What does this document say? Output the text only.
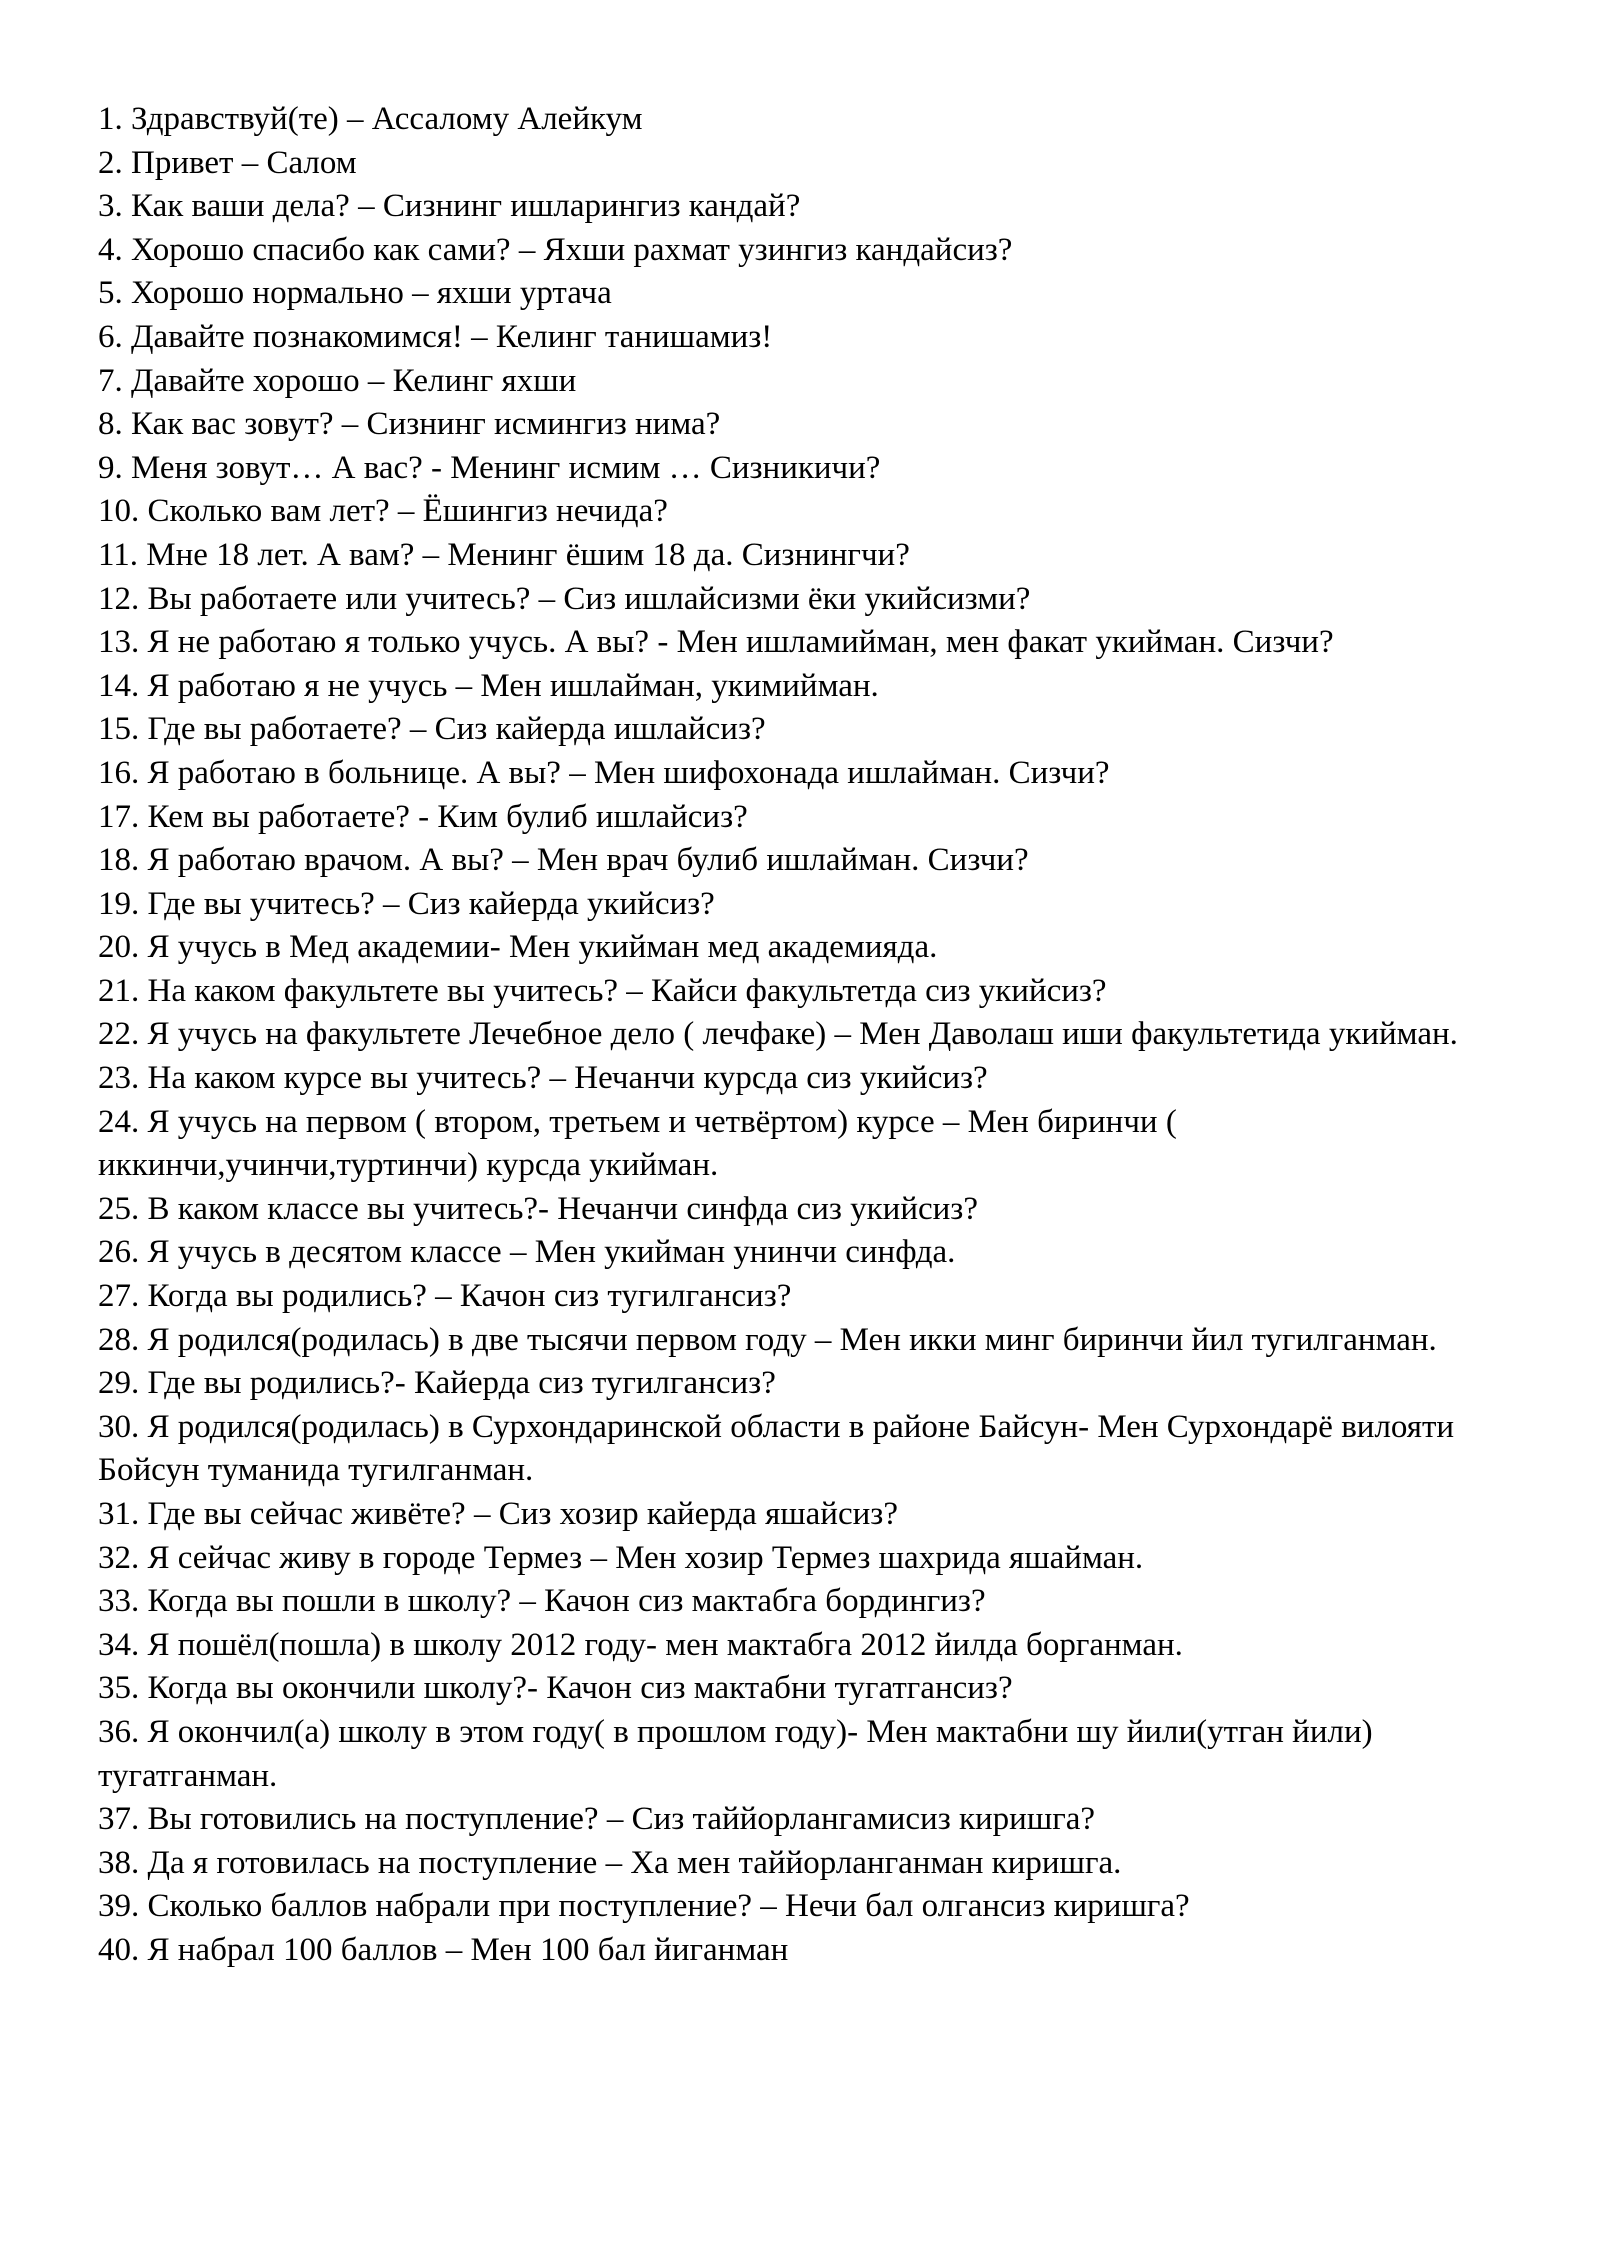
1. Здравствуй(те) – Ассалому Алейкум
2. Привет – Салом
3. Как ваши дела? – Сизнинг ишларингиз кандай?
4. Хорошо спасибо как сами? – Яхши рахмат узингиз кандайсиз?
5. Хорошо нормально – яхши уртача
6. Давайте познакомимся! – Келинг танишамиз!
7. Давайте хорошо – Келинг яхши
8. Как вас зовут? – Сизнинг исмингиз нима?
9. Меня зовут… А вас? - Менинг исмим … Сизникичи?
10. Сколько вам лет? – Ёшингиз нечида?
11. Мне 18 лет. А вам? – Менинг ёшим 18 да. Сизнингчи?
12. Вы работаете или учитесь? – Сиз ишлайсизми ёки укийсизми?
13. Я не работаю я только учусь. А вы? - Мен ишламийман, мен факат укийман. Сизчи?
14. Я работаю я не учусь – Мен ишлайман, укимийман.
15. Где вы работаете? – Сиз кайерда ишлайсиз?
16. Я работаю в больнице. А вы? – Мен шифохонада ишлайман. Сизчи?
17. Кем вы работаете? - Ким булиб ишлайсиз?
18. Я работаю врачом. А вы? – Мен врач булиб ишлайман. Сизчи?
19. Где вы учитесь? – Сиз кайерда укийсиз?
20. Я учусь в Мед академии- Мен укийман мед академияда.
21. На каком факультете вы учитесь? – Кайси факультетда сиз укийсиз?
22. Я учусь на факультете Лечебное дело ( лечфаке) – Мен Даволаш иши факультетида укийман.
23. На каком курсе вы учитесь? – Нечанчи курсда сиз укийсиз?
24. Я учусь на первом ( втором, третьем и четвёртом) курсе – Мен биринчи ( иккинчи,учинчи,туртинчи) курсда укийман.
25. В каком классе вы учитесь?- Нечанчи синфда сиз укийсиз?
26. Я учусь в десятом классе – Мен укийман унинчи синфда.
27. Когда вы родились? – Качон сиз тугилгансиз?
28. Я родился(родилась) в две тысячи первом году – Мен икки минг биринчи йил тугилганман.
29. Где вы родились?- Кайерда сиз тугилгансиз?
30. Я родился(родилась) в Сурхондаринской области в районе Байсун- Мен Сурхондарё вилояти Бойсун туманида тугилганман.
31. Где вы сейчас живёте? – Сиз хозир кайерда яшайсиз?
32. Я сейчас живу в городе Термез – Мен хозир Термез шахрида яшайман.
33. Когда вы пошли в школу? – Качон сиз мактабга бордингиз?
34. Я пошёл(пошла) в школу 2012 году- мен мактабга 2012 йилда борганман.
35. Когда вы окончили школу?- Качон сиз мактабни тугатгансиз?
36. Я окончил(а) школу в этом году( в прошлом году)- Мен мактабни шу йили(утган йили) тугатганман.
37. Вы готовились на поступление? – Сиз таййорлангамисиз киришга?
38. Да я готовилась на поступление – Ха мен таййорланганман киришга.
39. Сколько баллов набрали при поступление? – Нечи бал олгансиз киришга?
40. Я набрал 100 баллов – Мен 100 бал йиганман
